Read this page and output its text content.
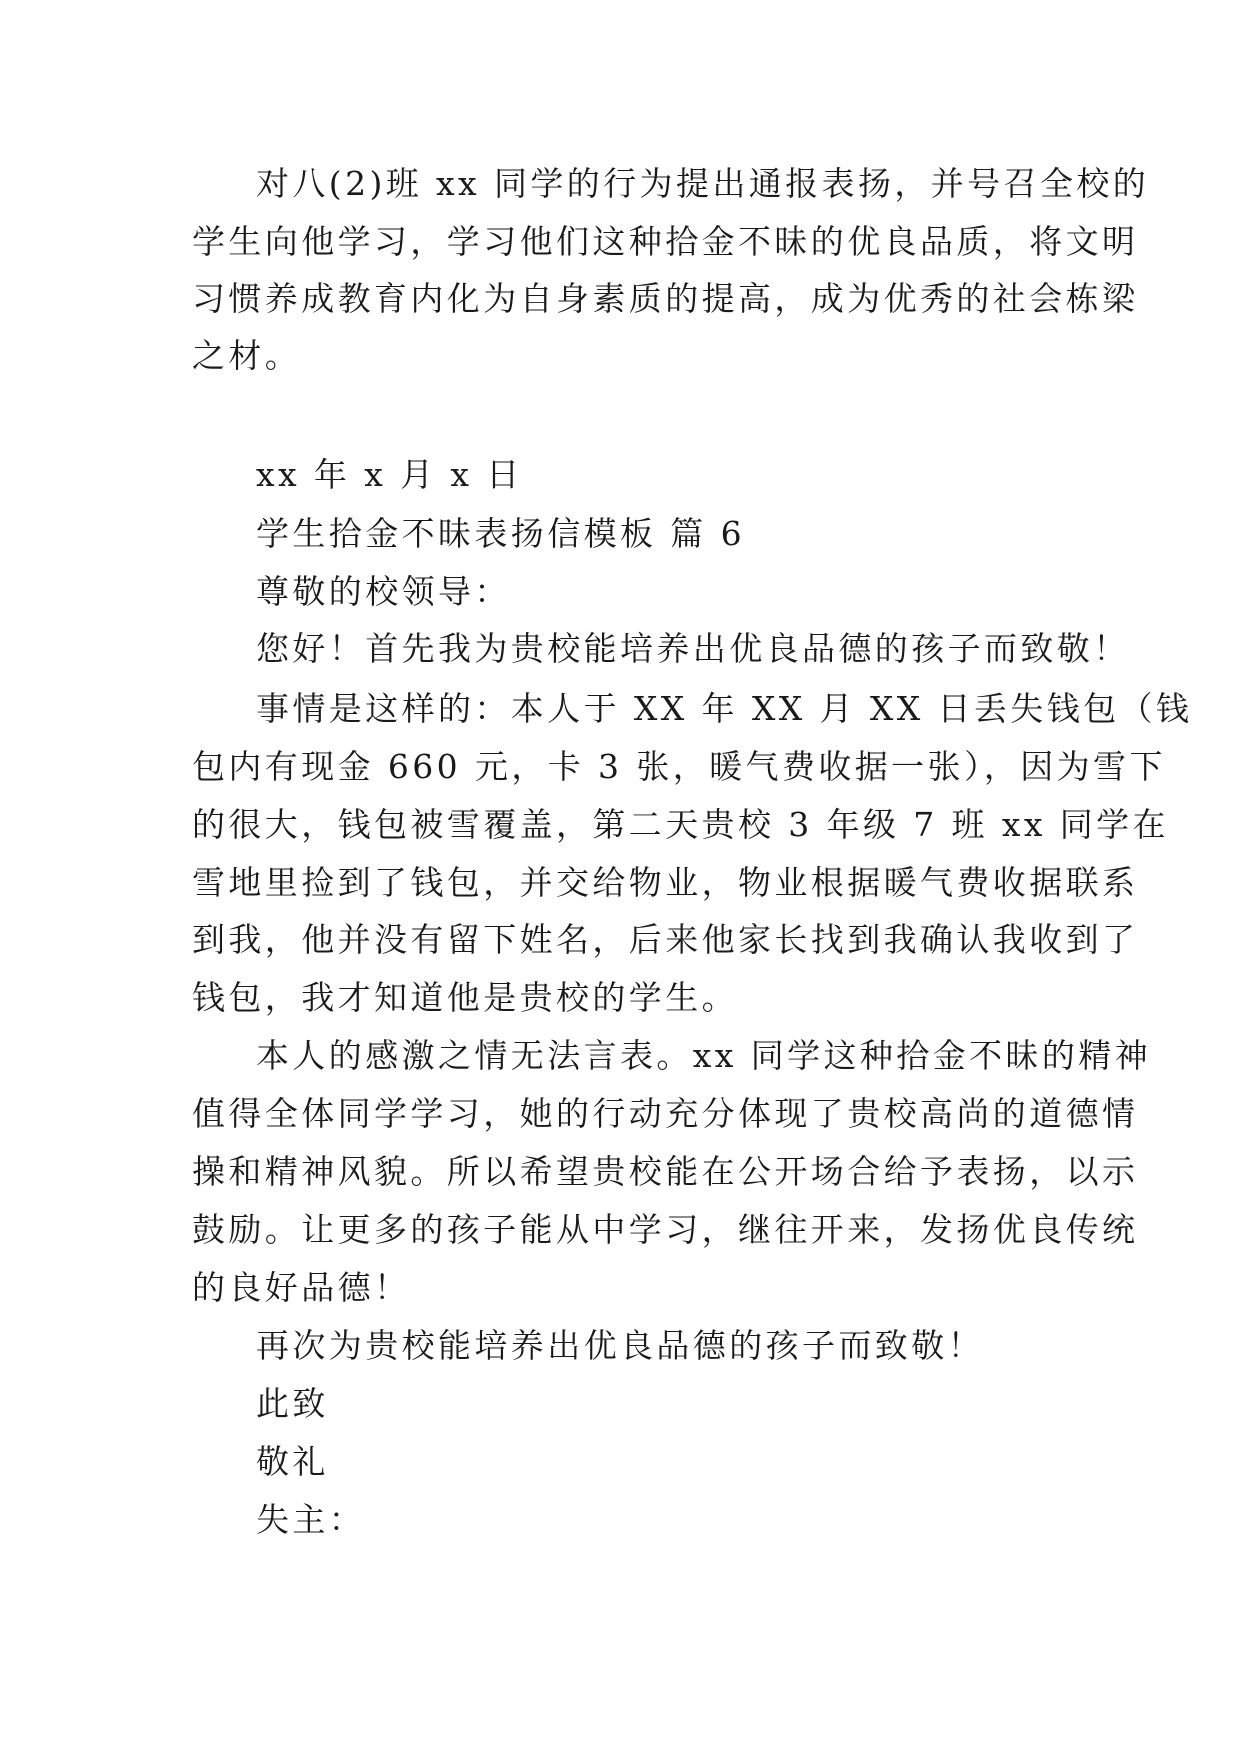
对八(2)班 xx 同学的行为提出通报表扬，并号召全校的
学生向他学习，学习他们这种拾金不昧的优良品质，将文明
习惯养成教育内化为自身素质的提高，成为优秀的社会栋梁
之材。
xx 年 x 月 x 日
学生拾金不昧表扬信模板 篇 6
尊敬的校领导：
您好！首先我为贵校能培养出优良品德的孩子而致敬！
事情是这样的：本人于 XX 年 XX 月 XX 日丢失钱包（钱
包内有现金 660 元，卡 3 张，暖气费收据一张），因为雪下
的很大，钱包被雪覆盖，第二天贵校 3 年级 7 班 xx 同学在
雪地里捡到了钱包，并交给物业，物业根据暖气费收据联系
到我，他并没有留下姓名，后来他家长找到我确认我收到了
钱包，我才知道他是贵校的学生。
本人的感激之情无法言表。xx 同学这种拾金不昧的精神
值得全体同学学习，她的行动充分体现了贵校高尚的道德情
操和精神风貌。所以希望贵校能在公开场合给予表扬，以示
鼓励。让更多的孩子能从中学习，继往开来，发扬优良传统
的良好品德！
再次为贵校能培养出优良品德的孩子而致敬！
此致
敬礼
失主：
